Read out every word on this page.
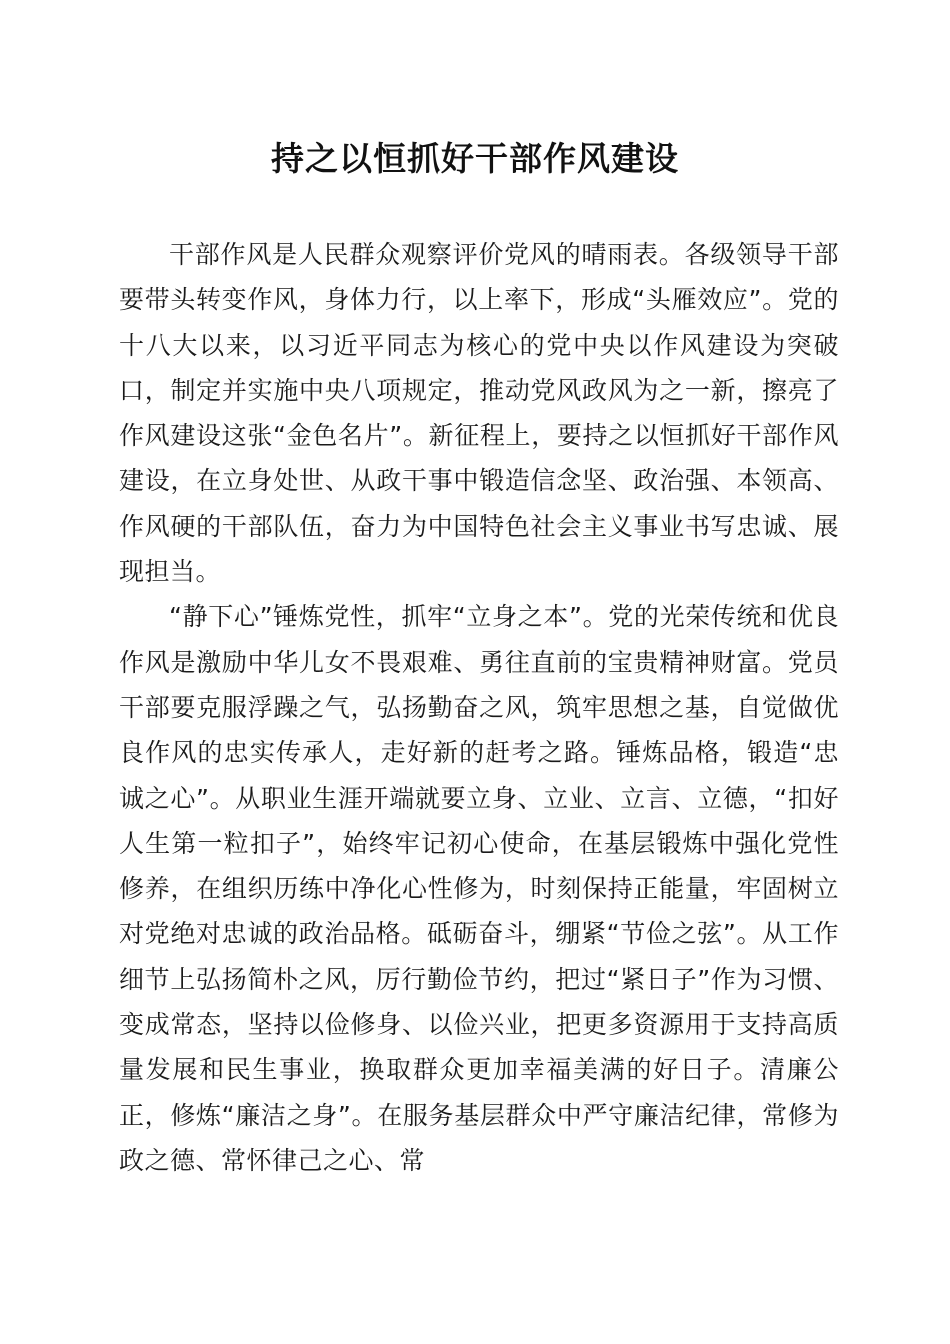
持之以恒抓好干部作风建设

干部作风是人民群众观察评价党风的晴雨表。各级领导干部要带头转变作风，身体力行，以上率下，形成“头雁效应”。党的十八大以来，以习近平同志为核心的党中央以作风建设为突破口，制定并实施中央八项规定，推动党风政风为之一新，擦亮了作风建设这张“金色名片”。新征程上，要持之以恒抓好干部作风建设，在立身处世、从政干事中锻造信念坚、政治强、本领高、作风硬的干部队伍，奋力为中国特色社会主义事业书写忠诚、展现担当。

“静下心”锤炼党性，抓牢“立身之本”。党的光荣传统和优良作风是激励中华儿女不畏艰难、勇往直前的宝贵精神财富。党员干部要克服浮躁之气，弘扬勤奋之风，筑牢思想之基，自觉做优良作风的忠实传承人，走好新的赶考之路。锤炼品格，锻造“忠诚之心”。从职业生涯开端就要立身、立业、立言、立德，“扣好人生第一粒扣子”，始终牢记初心使命，在基层锻炼中强化党性修养，在组织历练中净化心性修为，时刻保持正能量，牢固树立对党绝对忠诚的政治品格。砥砺奋斗，绷紧“节俭之弦”。从工作细节上弘扬简朴之风，厉行勤俭节约，把过“紧日子”作为习惯、变成常态，坚持以俭修身、以俭兴业，把更多资源用于支持高质量发展和民生事业，换取群众更加幸福美满的好日子。清廉公正，修炼“廉洁之身”。在服务基层群众中严守廉洁纪律，常修为政之德、常怀律己之心、常
